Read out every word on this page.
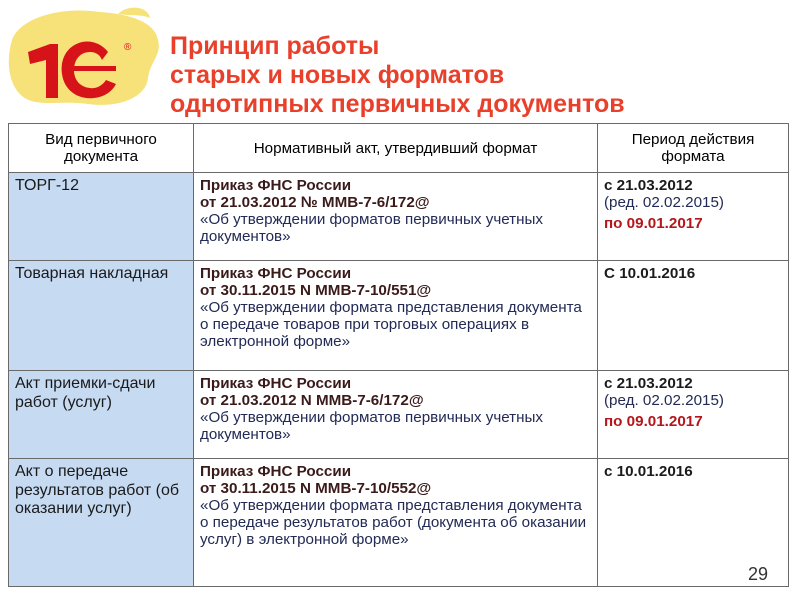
® Принцип работы
старых и новых форматов
однотипных первичных документов
Вид первичного документа	Нормативный акт, утвердивший формат	Период действия формата
ТОРГ-12	Приказ ФНС России
от 21.03.2012 № ММВ-7-6/172@
«Об утверждении форматов первичных учетных документов»	с 21.03.2012
(ред. 02.02.2015)
по 09.01.2017

Товарная накладная	Приказ ФНС России
от 30.11.2015 N ММВ-7-10/551@
«Об утверждении формата представления документа о передаче товаров при торговых операциях в электронной форме»	С 10.01.2016

Акт приемки-сдачи работ (услуг)	Приказ ФНС России
от 21.03.2012 N ММВ-7-6/172@
«Об утверждении форматов первичных учетных документов»	с 21.03.2012
(ред. 02.02.2015)
по 09.01.2017

Акт о передаче результатов работ (об оказании услуг)	Приказ ФНС России
от 30.11.2015 N ММВ-7-10/552@
«Об утверждении формата представления документа о передаче результатов работ (документа об оказании услуг) в электронной форме»	с 10.01.2016
29
